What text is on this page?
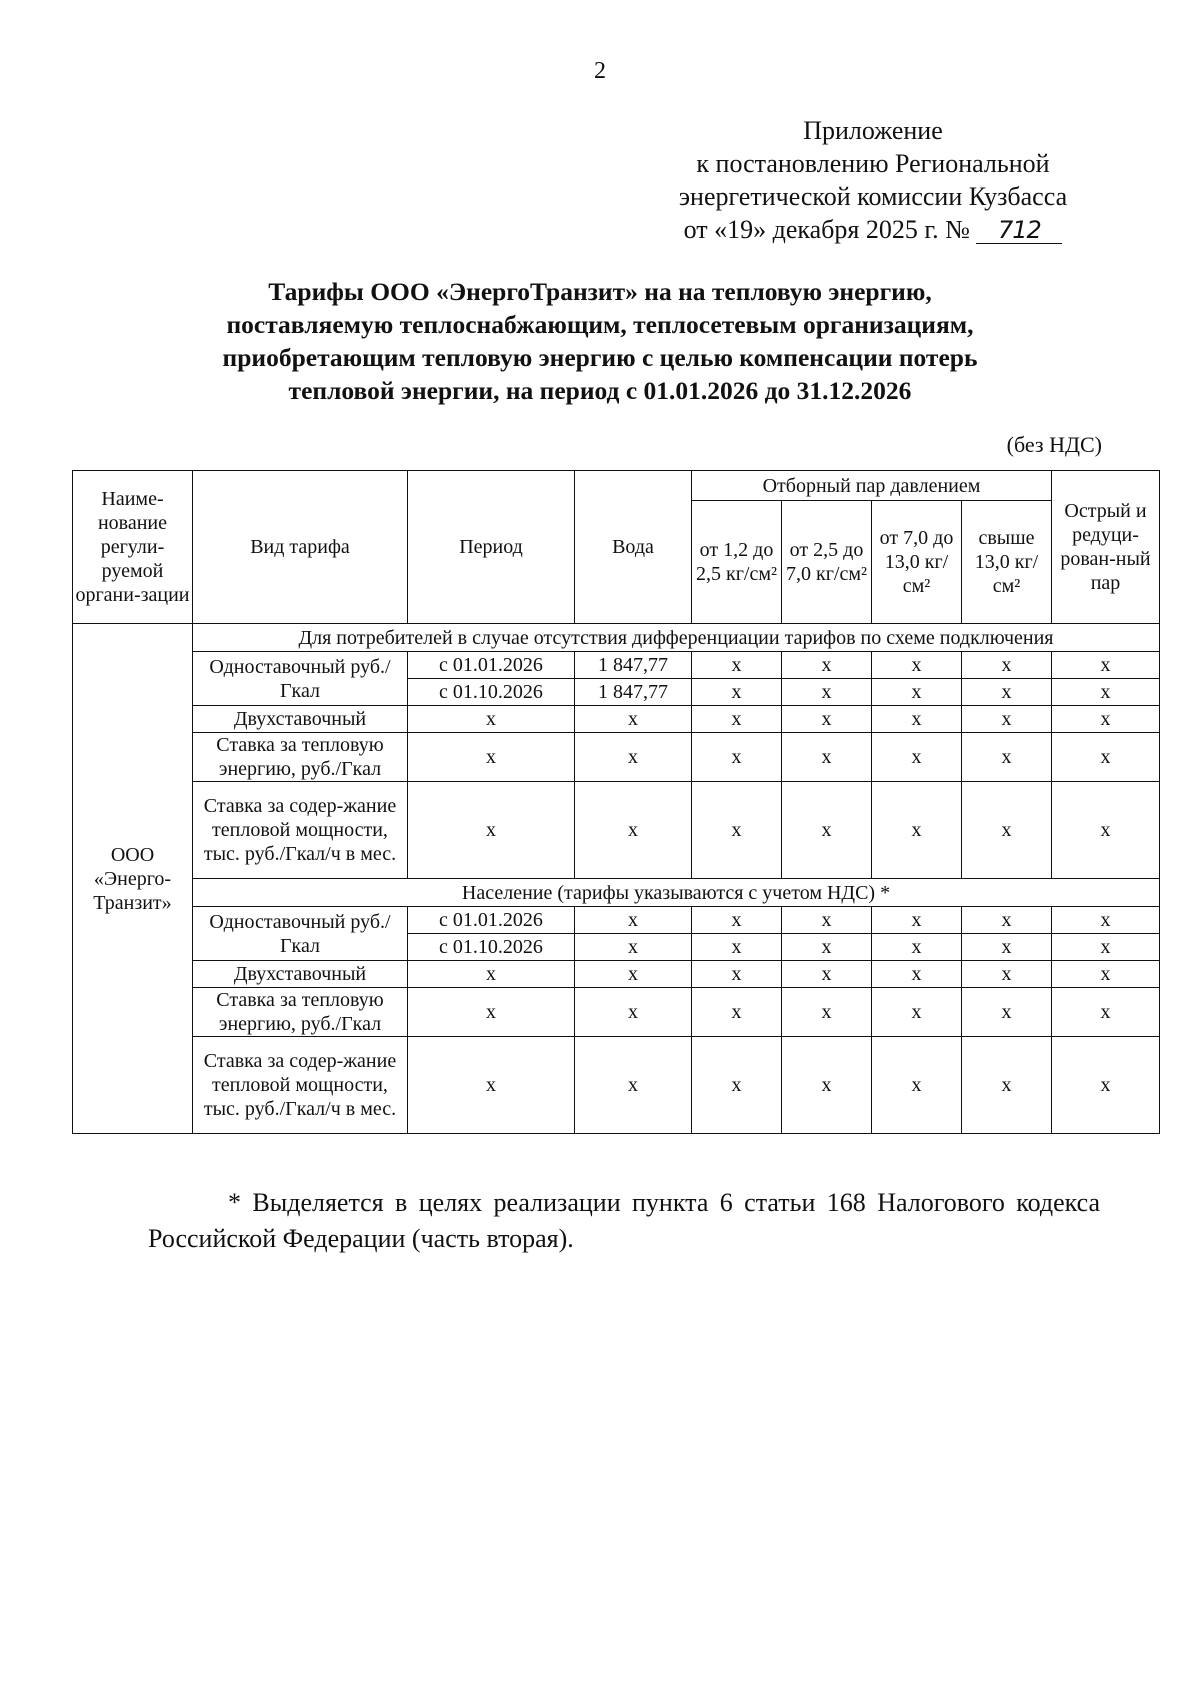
2
Приложение
к постановлению Региональной
энергетической комиссии Кузбасса
от «19» декабря 2025 г. № 712
Тарифы ООО «ЭнергоТранзит» на на тепловую энергию,
поставляемую теплоснабжающим, теплосетевым организациям,
приобретающим тепловую энергию с целью компенсации потерь
тепловой энергии, на период с 01.01.2026 до 31.12.2026
(без НДС)
Наиме-нование регули-руемой органи-зации	Вид тарифа	Период	Вода	Отборный пар давлением				Острый и редуци-рован-ный пар
				от 1,2 до 2,5 кг/см²	от 2,5 до 7,0 кг/см²	от 7,0 до 13,0 кг/см²	свыше 13,0 кг/см²	
ООО «Энерго-Транзит»	Для потребителей в случае отсутствия дифференциации тарифов по схеме подключения							
	Одноставочный руб./Гкал	с 01.01.2026	1 847,77	x	x	x	x	x
		с 01.10.2026	1 847,77	x	x	x	x	x
	Двухставочный	x	x	x	x	x	x	x
	Ставка за тепловую энергию, руб./Гкал	x	x	x	x	x	x	x
	Ставка за содер-жание тепловой мощности, тыс. руб./Гкал/ч в мес.	x	x	x	x	x	x	x
	Население (тарифы указываются с учетом НДС) *							
	Одноставочный руб./Гкал	с 01.01.2026	x	x	x	x	x	x
		с 01.10.2026	x	x	x	x	x	x
	Двухставочный	x	x	x	x	x	x	x
	Ставка за тепловую энергию, руб./Гкал	x	x	x	x	x	x	x
	Ставка за содер-жание тепловой мощности, тыс. руб./Гкал/ч в мес.	x	x	x	x	x	x	x
* Выделяется в целях реализации пункта 6 статьи 168 Налогового кодекса Российской Федерации (часть вторая).
